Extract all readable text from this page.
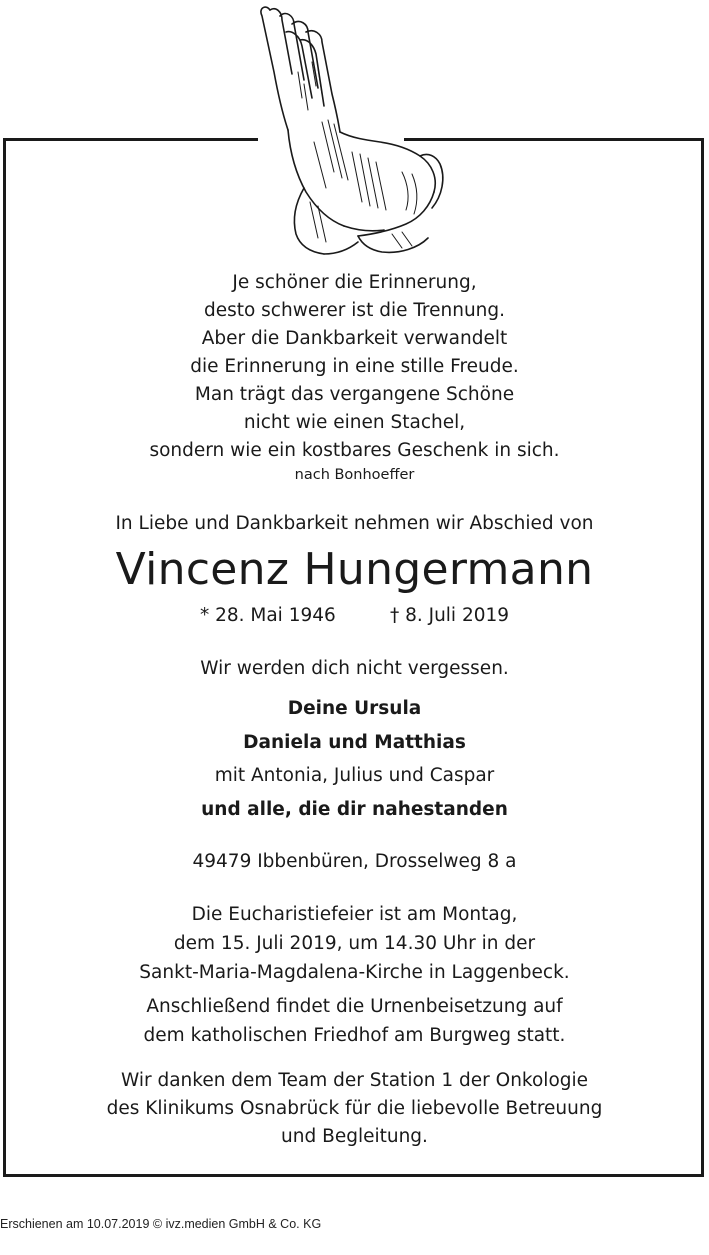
Je schöner die Erinnerung,
desto schwerer ist die Trennung.
Aber die Dankbarkeit verwandelt
die Erinnerung in eine stille Freude.
Man trägt das vergangene Schöne
nicht wie einen Stachel,
sondern wie ein kostbares Geschenk in sich.
nach Bonhoeffer
In Liebe und Dankbarkeit nehmen wir Abschied von
Vincenz Hungermann
* 28. Mai 1946	† 8. Juli 2019
Wir werden dich nicht vergessen.
Deine Ursula
Daniela und Matthias
mit Antonia, Julius und Caspar
und alle, die dir nahestanden
49479 Ibbenbüren, Drosselweg 8 a
Die Eucharistiefeier ist am Montag,
dem 15. Juli 2019, um 14.30 Uhr in der
Sankt-Maria-Magdalena-Kirche in Laggenbeck.
Anschließend findet die Urnenbeisetzung auf
dem katholischen Friedhof am Burgweg statt.
Wir danken dem Team der Station 1 der Onkologie
des Klinikums Osnabrück für die liebevolle Betreuung
und Begleitung.
Erschienen am 10.07.2019 © ivz.medien GmbH & Co. KG
